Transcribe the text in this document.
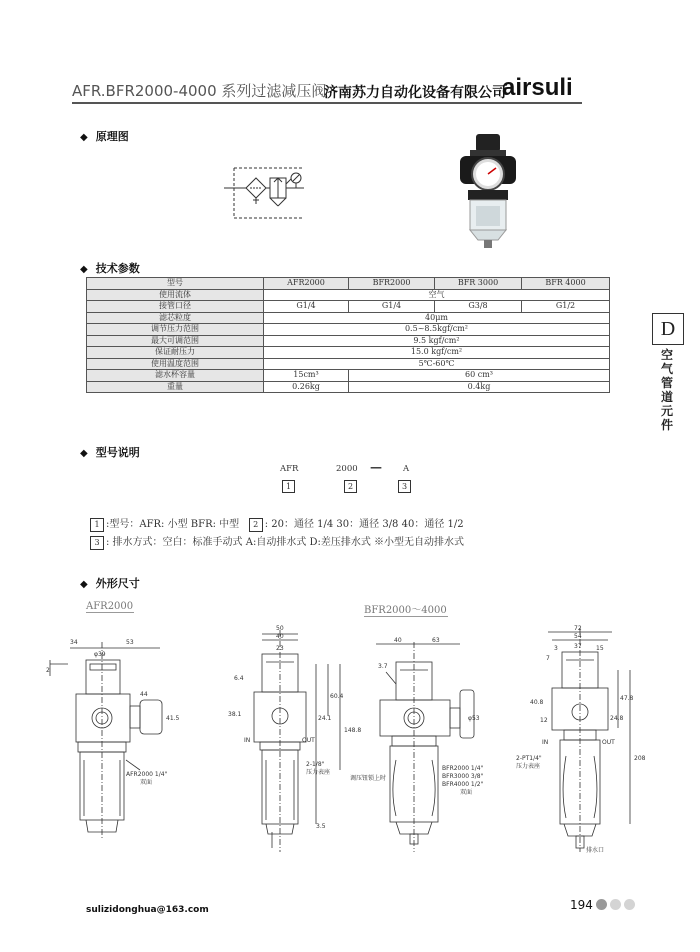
AFR.BFR2000-4000 系列过滤减压阀
济南苏力自动化设备有限公司
airsuli
D
空气管道元件
◆ 原理图
◆ 技术参数
型号	AFR2000	BFR2000	BFR 3000	BFR 4000
使用流体	空气			
接管口径	G1/4	G1/4	G3/8	G1/2
滤芯粒度	40μm			
调节压力范围	0.5~8.5kgf/cm²			
最大可调范围	9.5 kgf/cm²			
保证耐压力	15.0 kgf/cm²			
使用温度范围	5℃-60℃			
滤水杯容量	15cm³	60 cm³		
重量	0.26kg	0.4kg		
◆ 型号说明
AFR	2000 — A
1	2	3
1 :型号：AFR: 小型 BFR: 中型 2 : 20：通径 1/4 30：通径 3/8 40：通径 1/2
3 : 排水方式：空白：标准手动式 A:自动排水式 D:差压排水式 ※小型无自动排水式
◆ 外形尺寸
AFR2000	BFR2000～4000
34	53
2
φ39
44
41.5
AFR2000 1/4"
双面
50
40
23
6.4
38.1
148.8
60.4
24.1
IN	OUT
2-1/8"
压力表座
3.5
调压钮锁上时
40	63
3.7
φ53
BFR2000 1/4"
BFR3000 3/8"
BFR4000 1/2"
双面
72
54
37
3	15
7
40.8
24.8
47.8
208
12
2-PT1/4"
压力表座
IN	OUT
排水口
sulizidonghua@163.com	194
